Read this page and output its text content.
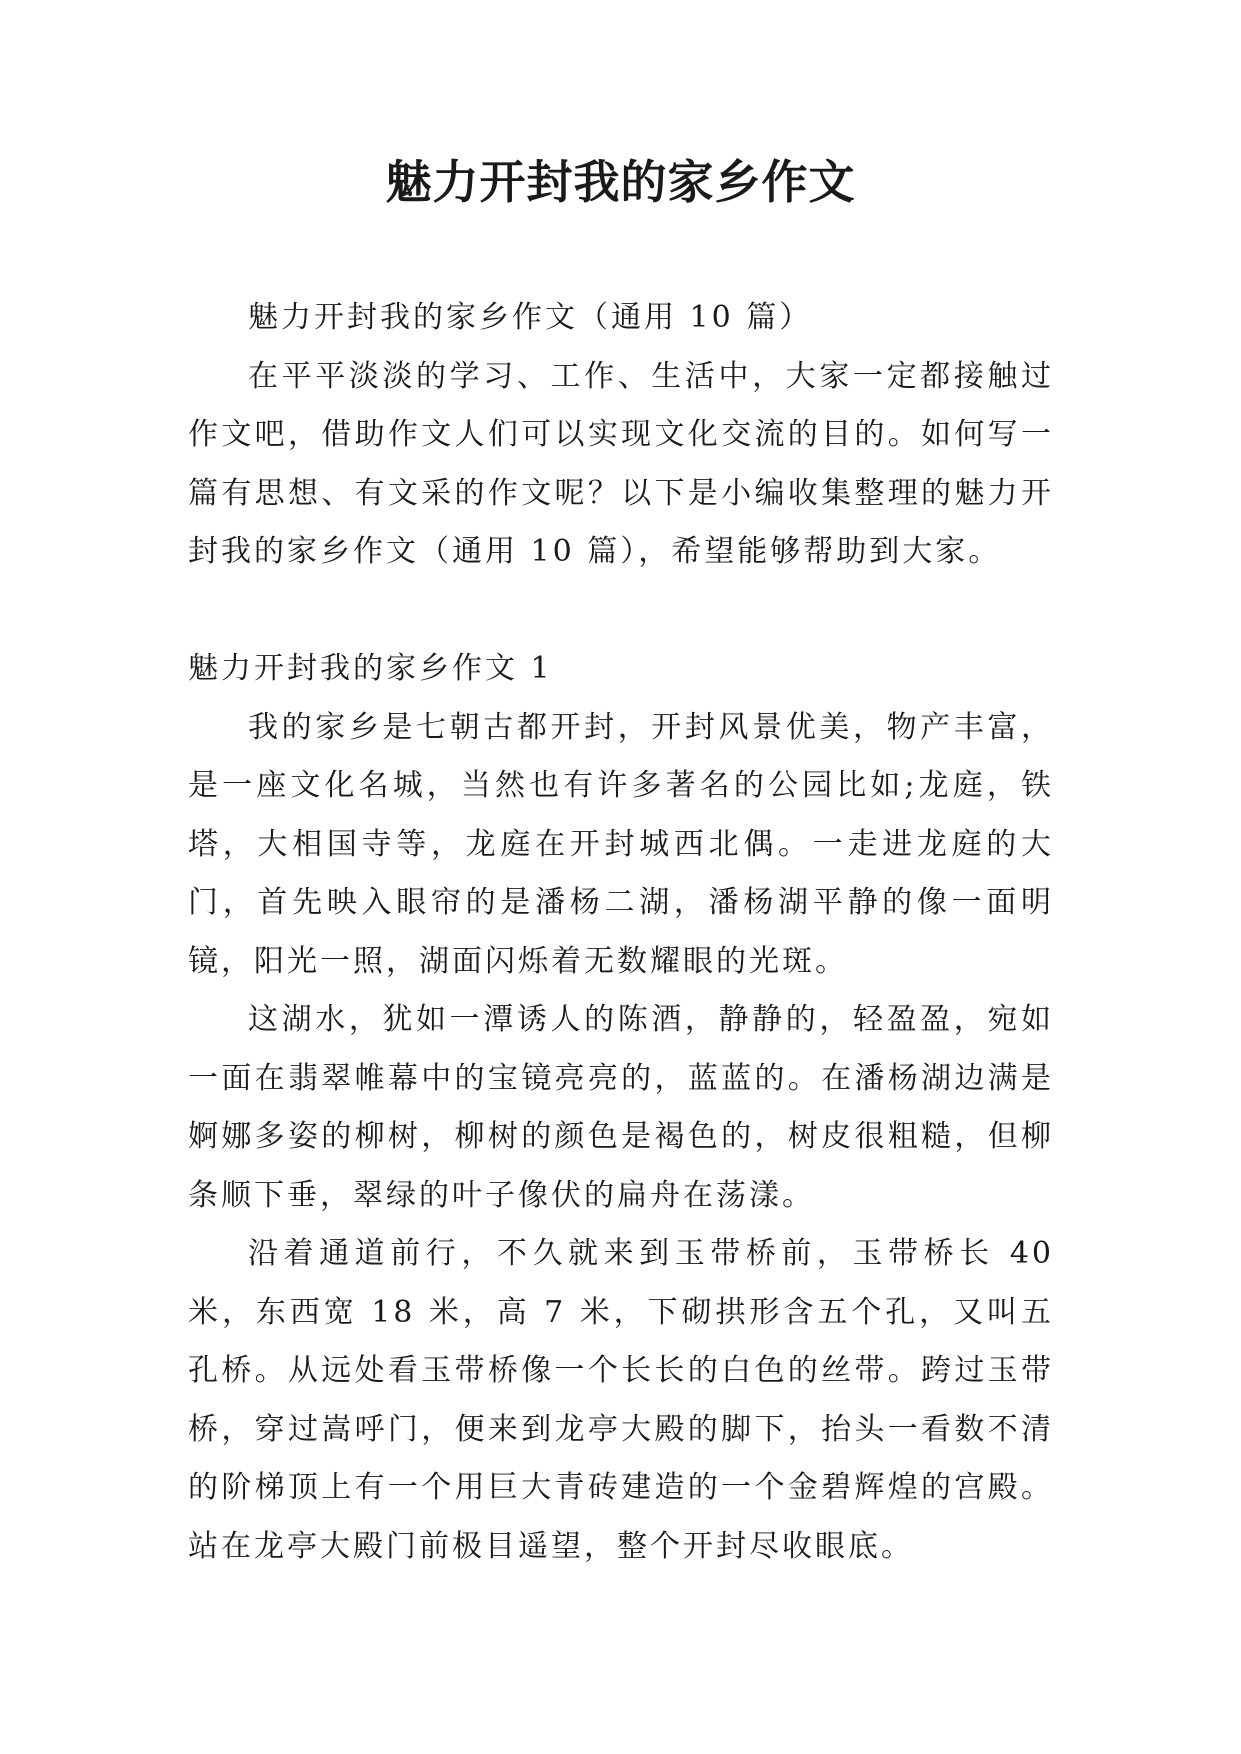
魅力开封我的家乡作文

魅力开封我的家乡作文（通用 10 篇）

在平平淡淡的学习、工作、生活中，大家一定都接触过作文吧，借助作文人们可以实现文化交流的目的。如何写一篇有思想、有文采的作文呢？以下是小编收集整理的魅力开封我的家乡作文（通用 10 篇），希望能够帮助到大家。

魅力开封我的家乡作文 1

我的家乡是七朝古都开封，开封风景优美，物产丰富，是一座文化名城，当然也有许多著名的公园比如;龙庭，铁塔，大相国寺等，龙庭在开封城西北偶。一走进龙庭的大门，首先映入眼帘的是潘杨二湖，潘杨湖平静的像一面明镜，阳光一照，湖面闪烁着无数耀眼的光斑。

这湖水，犹如一潭诱人的陈酒，静静的，轻盈盈，宛如一面在翡翠帷幕中的宝镜亮亮的，蓝蓝的。在潘杨湖边满是婀娜多姿的柳树，柳树的颜色是褐色的，树皮很粗糙，但柳条顺下垂，翠绿的叶子像伏的扁舟在荡漾。

沿着通道前行，不久就来到玉带桥前，玉带桥长 40 米，东西宽 18 米，高 7 米，下砌拱形含五个孔，又叫五孔桥。从远处看玉带桥像一个长长的白色的丝带。跨过玉带桥，穿过嵩呼门，便来到龙亭大殿的脚下，抬头一看数不清的阶梯顶上有一个用巨大青砖建造的一个金碧辉煌的宫殿。站在龙亭大殿门前极目遥望，整个开封尽收眼底。
